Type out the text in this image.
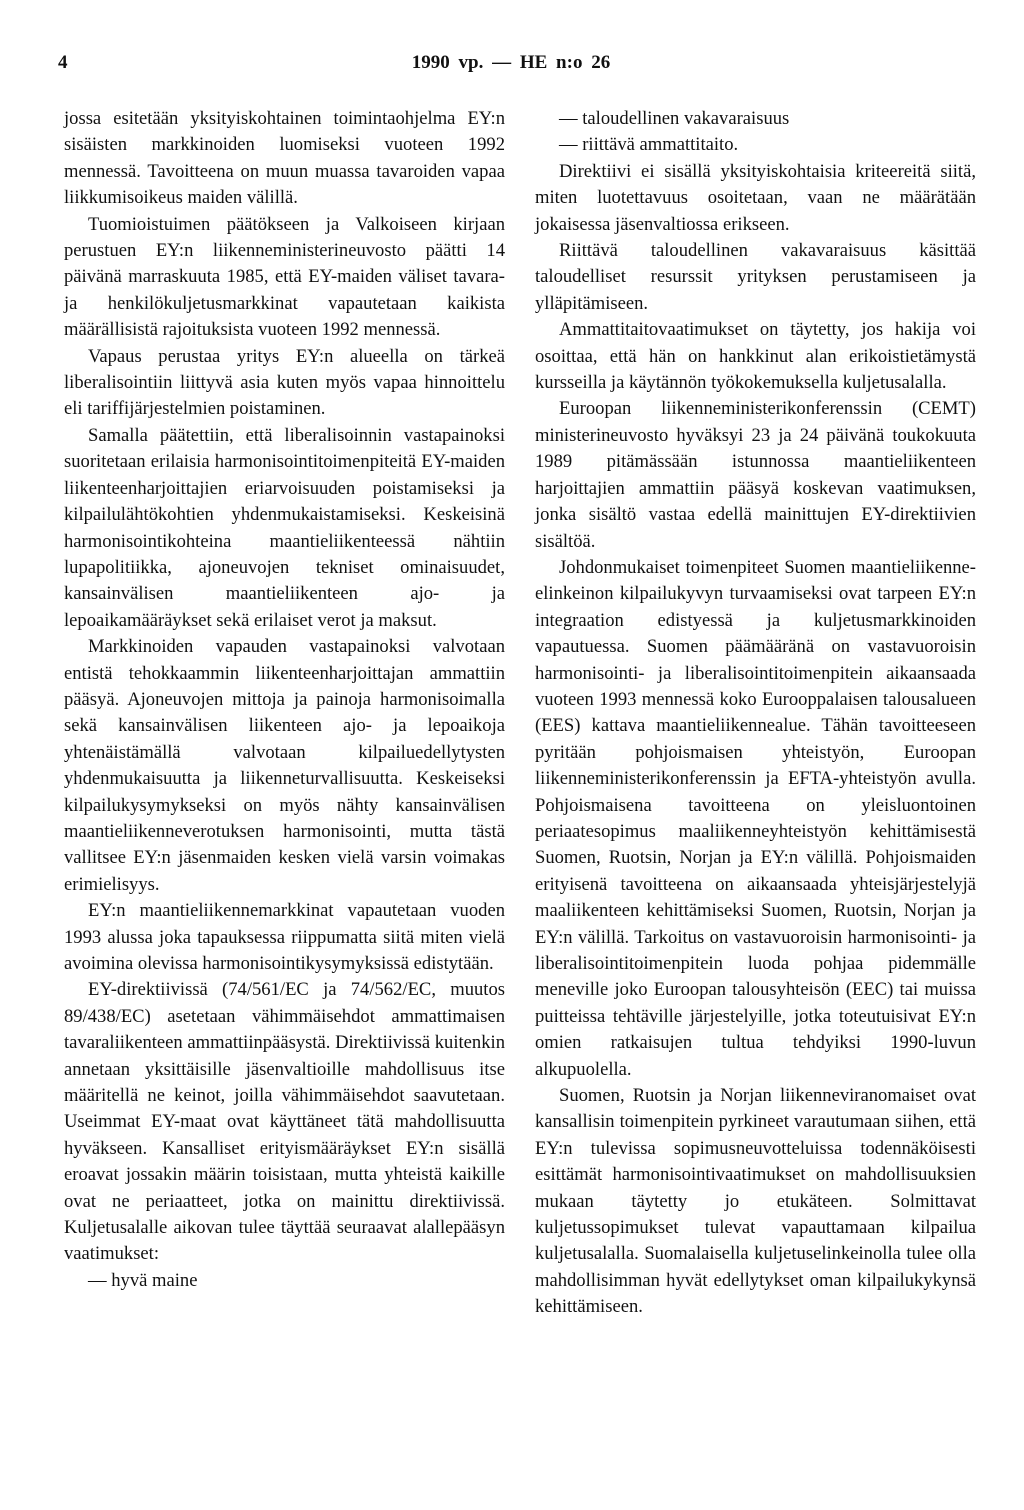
4	1990 vp. — HE n:o 26

jossa esitetään yksityiskohtainen toimintaohjelma EY:n sisäisten markkinoiden luomiseksi vuoteen 1992 mennessä. Tavoitteena on muun muassa tavaroiden vapaa liikkumisoikeus maiden välillä.

Tuomioistuimen päätökseen ja Valkoiseen kirjaan perustuen EY:n liikenneministerineuvosto päätti 14 päivänä marraskuuta 1985, että EY-maiden väliset tavara- ja henkilökuljetusmarkkinat vapautetaan kaikista määrällisistä rajoituksista vuoteen 1992 mennessä.

Vapaus perustaa yritys EY:n alueella on tärkeä liberalisointiin liittyvä asia kuten myös vapaa hinnoittelu eli tariffijärjestelmien poistaminen.

Samalla päätettiin, että liberalisoinnin vastapainoksi suoritetaan erilaisia harmonisointitoimenpiteitä EY-maiden liikenteenharjoittajien eriarvoisuuden poistamiseksi ja kilpailulähtökohtien yhdenmukaistamiseksi. Keskeisinä harmonisointikohteina maantieliikenteessä nähtiin lupapolitiikka, ajoneuvojen tekniset ominaisuudet, kansainvälisen maantieliikenteen ajo- ja lepoaikamääräykset sekä erilaiset verot ja maksut.

Markkinoiden vapauden vastapainoksi valvotaan entistä tehokkaammin liikenteenharjoittajan ammattiin pääsyä. Ajoneuvojen mittoja ja painoja harmonisoimalla sekä kansainvälisen liikenteen ajo- ja lepoaikoja yhtenäistämällä valvotaan kilpailuedellytysten yhdenmukaisuutta ja liikenneturvallisuutta. Keskeiseksi kilpailukysymykseksi on myös nähty kansainvälisen maantieliikenneverotuksen harmonisointi, mutta tästä vallitsee EY:n jäsenmaiden kesken vielä varsin voimakas erimielisyys.

EY:n maantieliikennemarkkinat vapautetaan vuoden 1993 alussa joka tapauksessa riippumatta siitä miten vielä avoimina olevissa harmonisointikysymyksissä edistytään.

EY-direktiivissä (74/561/EC ja 74/562/EC, muutos 89/438/EC) asetetaan vähimmäisehdot ammattimaisen tavaraliikenteen ammattiinpääsystä. Direktiivissä kuitenkin annetaan yksittäisille jäsenvaltioille mahdollisuus itse määritellä ne keinot, joilla vähimmäisehdot saavutetaan. Useimmat EY-maat ovat käyttäneet tätä mahdollisuutta hyväkseen. Kansalliset erityismääräykset EY:n sisällä eroavat jossakin määrin toisistaan, mutta yhteistä kaikille ovat ne periaatteet, jotka on mainittu direktiivissä. Kuljetusalalle aikovan tulee täyttää seuraavat alallepääsyn vaatimukset:

— hyvä maine

— taloudellinen vakavaraisuus

— riittävä ammattitaito.

Direktiivi ei sisällä yksityiskohtaisia kriteereitä siitä, miten luotettavuus osoitetaan, vaan ne määrätään jokaisessa jäsenvaltiossa erikseen.

Riittävä taloudellinen vakavaraisuus käsittää taloudelliset resurssit yrityksen perustamiseen ja ylläpitämiseen.

Ammattitaitovaatimukset on täytetty, jos hakija voi osoittaa, että hän on hankkinut alan erikoistietämystä kursseilla ja käytännön työkokemuksella kuljetusalalla.

Euroopan liikenneministerikonferenssin (CEMT) ministerineuvosto hyväksyi 23 ja 24 päivänä toukokuuta 1989 pitämässään istunnossa maantieliikenteen harjoittajien ammattiin pääsyä koskevan vaatimuksen, jonka sisältö vastaa edellä mainittujen EY-direktiivien sisältöä.

Johdonmukaiset toimenpiteet Suomen maantieliikenne-elinkeinon kilpailukyvyn turvaamiseksi ovat tarpeen EY:n integraation edistyessä ja kuljetusmarkkinoiden vapautuessa. Suomen päämääränä on vastavuoroisin harmonisointi- ja liberalisointitoimenpitein aikaansaada vuoteen 1993 mennessä koko Eurooppalaisen talousalueen (EES) kattava maantieliikennealue. Tähän tavoitteeseen pyritään pohjoismaisen yhteistyön, Euroopan liikenneministerikonferenssin ja EFTA-yhteistyön avulla. Pohjoismaisena tavoitteena on yleisluontoinen periaatesopimus maaliikenneyhteistyön kehittämisestä Suomen, Ruotsin, Norjan ja EY:n välillä. Pohjoismaiden erityisenä tavoitteena on aikaansaada yhteisjärjestelyjä maaliikenteen kehittämiseksi Suomen, Ruotsin, Norjan ja EY:n välillä. Tarkoitus on vastavuoroisin harmonisointi- ja liberalisointitoimenpitein luoda pohjaa pidemmälle meneville joko Euroopan talousyhteisön (EEC) tai muissa puitteissa tehtäville järjestelyille, jotka toteutuisivat EY:n omien ratkaisujen tultua tehdyiksi 1990-luvun alkupuolella.

Suomen, Ruotsin ja Norjan liikenneviranomaiset ovat kansallisin toimenpitein pyrkineet varautumaan siihen, että EY:n tulevissa sopimusneuvotteluissa todennäköisesti esittämät harmonisointivaatimukset on mahdollisuuksien mukaan täytetty jo etukäteen. Solmittavat kuljetussopimukset tulevat vapauttamaan kilpailua kuljetusalalla. Suomalaisella kuljetuselinkeinolla tulee olla mahdollisimman hyvät edellytykset oman kilpailukykynsä kehittämiseen.
